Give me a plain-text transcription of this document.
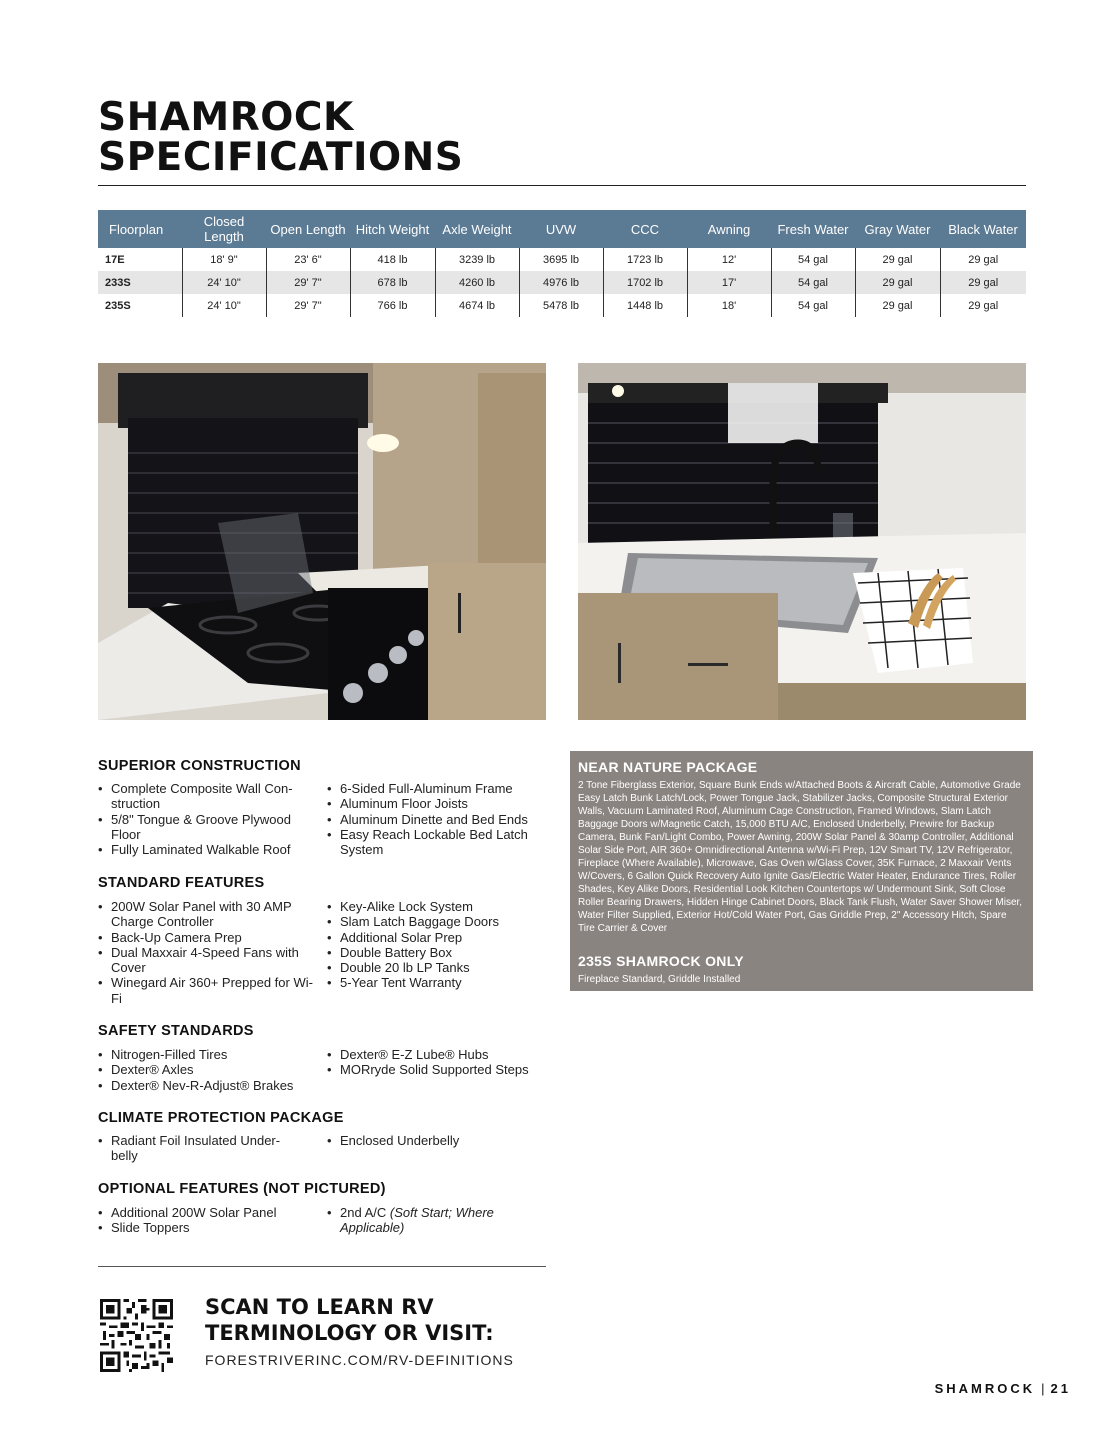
SHAMROCK
SPECIFICATIONS
Floorplan	Closed Length	Open Length	Hitch Weight	Axle Weight	UVW	CCC	Awning	Fresh Water	Gray Water	Black Water
17E	18' 9"	23' 6"	418 lb	3239 lb	3695 lb	1723 lb	12'	54 gal	29 gal	29 gal
233S	24' 10"	29' 7"	678 lb	4260 lb	4976 lb	1702 lb	17'	54 gal	29 gal	29 gal
235S	24' 10"	29' 7"	766 lb	4674 lb	5478 lb	1448 lb	18'	54 gal	29 gal	29 gal
SUPERIOR CONSTRUCTION
• Complete Composite Wall Con-struction
• 5/8" Tongue & Groove Plywood Floor
• Fully Laminated Walkable Roof
• 6-Sided Full-Aluminum Frame
• Aluminum Floor Joists
• Aluminum Dinette and Bed Ends
• Easy Reach Lockable Bed Latch System
STANDARD FEATURES
• 200W Solar Panel with 30 AMP Charge Controller
• Back-Up Camera Prep
• Dual Maxxair 4-Speed Fans with Cover
• Winegard Air 360+ Prepped for Wi-Fi
• Key-Alike Lock System
• Slam Latch Baggage Doors
• Additional Solar Prep
• Double Battery Box
• Double 20 lb LP Tanks
• 5-Year Tent Warranty
SAFETY STANDARDS
• Nitrogen-Filled Tires
• Dexter® Axles
• Dexter® Nev-R-Adjust® Brakes
• Dexter® E-Z Lube® Hubs
• MORryde Solid Supported Steps
CLIMATE PROTECTION PACKAGE
• Radiant Foil Insulated Under-belly
• Enclosed Underbelly
OPTIONAL FEATURES (NOT PICTURED)
• Additional 200W Solar Panel
• Slide Toppers
• 2nd A/C (Soft Start; Where Applicable)
NEAR NATURE PACKAGE

2 Tone Fiberglass Exterior, Square Bunk Ends w/Attached Boots & Aircraft Cable, Automotive Grade Easy Latch Bunk Latch/Lock, Power Tongue Jack, Stabilizer Jacks, Composite Structural Exterior Walls, Vacuum Laminated Roof, Aluminum Cage Construction, Framed Windows, Slam Latch Baggage Doors w/Magnetic Catch, 15,000 BTU A/C, Enclosed Underbelly, Prewire for Backup Camera, Bunk Fan/Light Combo, Power Awning, 200W Solar Panel & 30amp Controller, Additional Solar Side Port, AIR 360+ Omnidirectional Antenna w/Wi-Fi Prep, 12V Smart TV, 12V Refrigerator, Fireplace (Where Available), Microwave, Gas Oven w/Glass Cover, 35K Furnace, 2 Maxxair Vents W/Covers, 6 Gallon Quick Recovery Auto Ignite Gas/Electric Water Heater, Endurance Tires, Roller Shades, Key Alike Doors, Residential Look Kitchen Countertops w/ Undermount Sink, Soft Close Roller Bearing Drawers, Hidden Hinge Cabinet Doors, Black Tank Flush, Water Saver Shower Miser, Water Filter Supplied, Exterior Hot/Cold Water Port, Gas Griddle Prep, 2" Accessory Hitch, Spare Tire Carrier & Cover

235S SHAMROCK ONLY

Fireplace Standard, Griddle Installed

SCAN TO LEARN RV TERMINOLOGY OR VISIT:

FORESTRIVERINC.COM/RV-DEFINITIONS

SHAMROCK | 21
